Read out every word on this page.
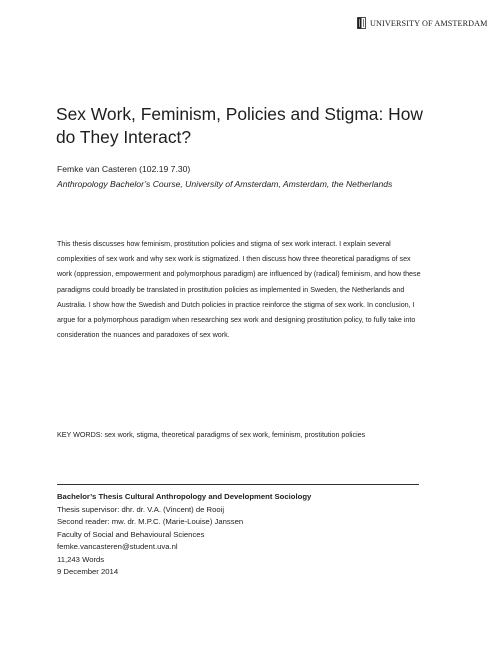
UNIVERSITY OF AMSTERDAM
Sex Work, Feminism, Policies and Stigma: How do They Interact?
Femke van Casteren (102.19 7.30)
Anthropology Bachelor’s Course, University of Amsterdam, Amsterdam, the Netherlands

This thesis discusses how feminism, prostitution policies and stigma of sex work interact. I explain several complexities of sex work and why sex work is stigmatized. I then discuss how three theoretical paradigms of sex work (oppression, empowerment and polymorphous paradigm) are influenced by (radical) feminism, and how these paradigms could broadly be translated in prostitution policies as implemented in Sweden, the Netherlands and Australia. I show how the Swedish and Dutch policies in practice reinforce the stigma of sex work. In conclusion, I argue for a polymorphous paradigm when researching sex work and designing prostitution policy, to fully take into consideration the nuances and paradoxes of sex work.

KEY WORDS: sex work, stigma, theoretical paradigms of sex work, feminism, prostitution policies
Bachelor’s Thesis Cultural Anthropology and Development Sociology
Thesis supervisor: dhr. dr. V.A. (Vincent) de Rooij
Second reader: mw. dr. M.P.C. (Marie-Louise) Janssen
Faculty of Social and Behavioural Sciences
femke.vancasteren@student.uva.nl
11,243 Words
9 December 2014
